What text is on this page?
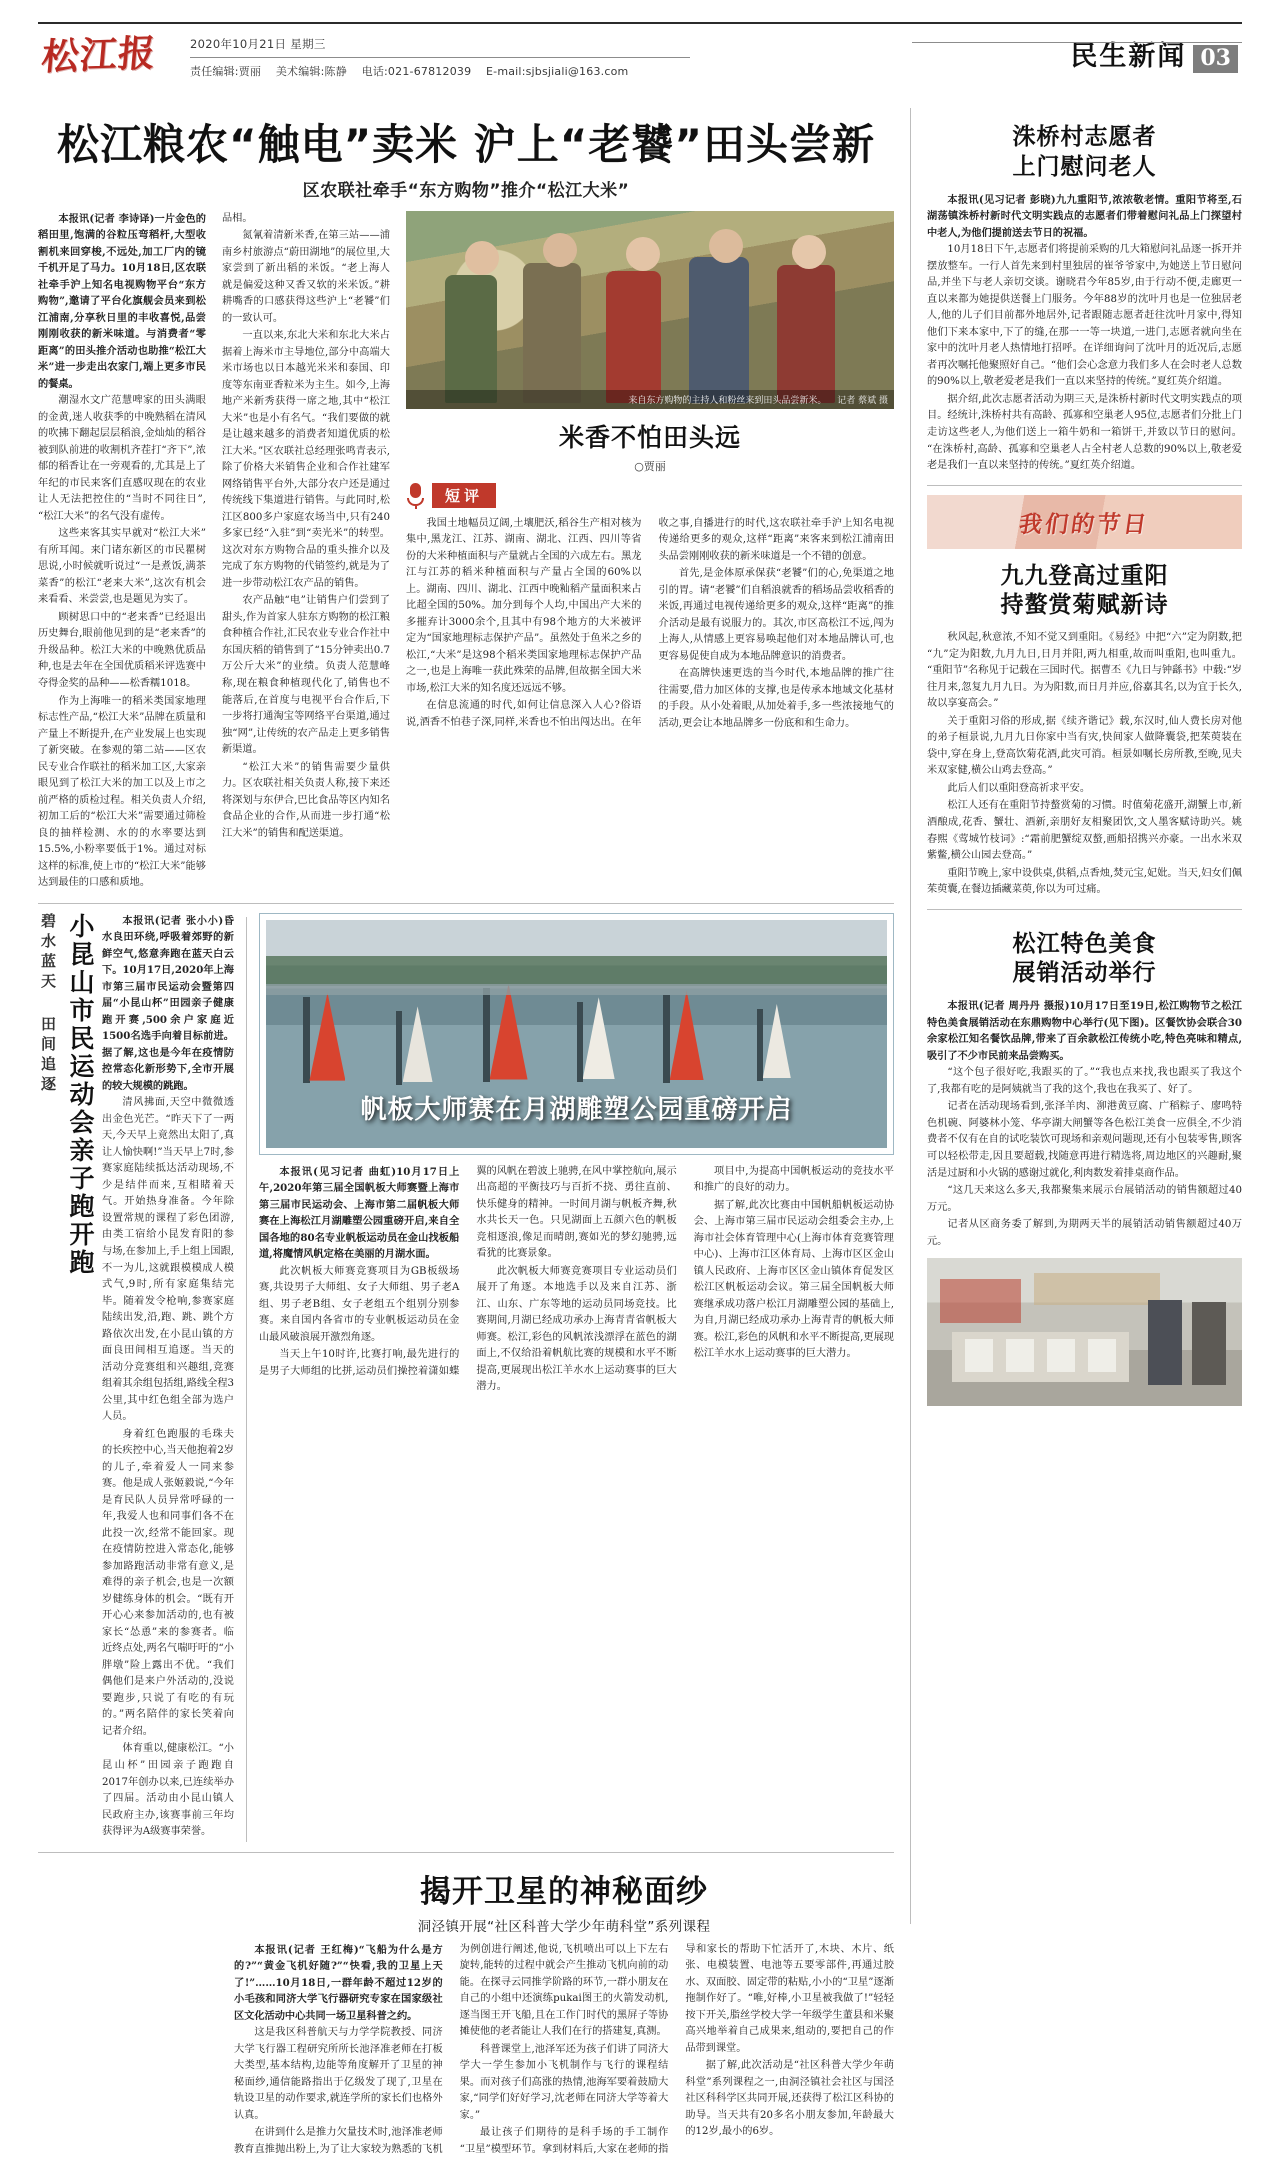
松江报	2020年10月21日 星期三
责任编辑:贾丽 美术编辑:陈静 电话:021-67812039 E-mail:sjbsjiali@163.com	民生新闻 03
松江粮农“触电”卖米 沪上“老饕”田头尝新
区农联社牵手“东方购物”推介“松江大米”

本报讯(记者 李诗译)一片金色的稻田里,饱满的谷粒压弯稻杆,大型收割机来回穿梭,不远处,加工厂内的镜千机开足了马力。10月18日,区农联社牵手沪上知名电视购物平台“东方购物”,邀请了平台化旗舰会员来到松江浦南,分享秋日里的丰收喜悦,品尝刚刚收获的新米味道。与消费者“零距离”的田头推介活动也助推“松江大米”进一步走出农家门,端上更多市民的餐桌。

潮湿水文广范慧啤家的田头满眼的金黄,迷人收获季的中晚熟稻在清风的吹拂下翻起层层稻浪,金灿灿的稻谷被到队前进的收割机齐茬打“齐下”,浓郁的稻香让在一旁观看的,尤其是上了年纪的市民来客们直感叹现在的农业让人无法把控住的“当时不同往日”,“松江大米”的名气没有虚传。

这些来客其实早就对“松江大米”有所耳闻。来门诸东新区的市民瞿树思说,小时候就听说过“一是煮饭,满茶菜香”的松江“老来大米”,这次有机会来看看、米尝尝,也是题见为实了。

顾树思口中的“老来香”已经退出历史舞台,眼前他见到的是“老来香”的升级品种。松江大米的中晚熟优质品种,也是去年在全国优质稻米评选赛中夺得金奖的品种——松香糯1018。

作为上海唯一的稻米类国家地理标志性产品,“松江大米”品牌在质量和产量上不断提升,在产业发展上也实现了新突破。在参观的第二站——区农民专业合作联社的稻米加工区,大家亲眼见到了松江大米的加工以及上市之前严格的质检过程。相关负责人介绍,初加工后的“松江大米”需要通过筛检良的抽样检测、水的的水率要达到15.5%,小粉率要低于1%。通过对标这样的标准,使上市的“松江大米”能够达到最佳的口感和质地。

品相。

氮氰着清新米香,在第三站——浦南乡村旅游点“蔚田湖地”的展位里,大家尝到了新出稻的米饭。“老上海人就是偏爱这种又香又软的米米饭。”耕耕嘴香的口感获得这些沪上“老饕”们的一致认可。

一直以来,东北大米和东北大米占据着上海米市主导地位,部分中高端大米市场也以日本越光米米和泰国、印度等东南亚香粒米为主生。如今,上海地产米新秀获得一席之地,其中“松江大米”也是小有名气。“我们要做的就是让越来越多的消费者知道优质的松江大米。”区农联社总经理张鸣青表示,除了价格大米销售企业和合作社建军网络销售平台外,大部分农户还是通过传统线下集道进行销售。与此同时,松江区800多户家庭农场当中,只有240多家已经“入驻”到“卖光米”的转型。这次对东方购物合品的重头推介以及完成了东方购物的代销签约,就是为了进一步带动松江农产品的销售。

农产品触“电”让销售户们尝到了甜头,作为首家人驻东方购物的松江粮食种植合作社,汇民农业专业合作社中东国庆稻的销售到了“15分钟卖出0.7万公斤大米”的业绩。负责人范慧峰称,现在粮食种植现代化了,销售也不能落后,在首度与电视平台合作后,下一步将打通淘宝等网络平台渠道,通过独“网”,让传统的农产品走上更多销售新渠道。

“松江大米”的销售需要少量供力。区农联社相关负责人称,接下来还将深划与东伊合,巴比食品等区内知名食品企业的合作,从而进一步打通“松江大米”的销售和配送渠道。

来自东方购物的主持人和粉丝来到田头品尝新米。 记者 蔡斌 摄
米香不怕田头远
○贾丽
短评

我国土地幅员辽阔,土壤肥沃,稻谷生产相对核为集中,黑龙江、江苏、湖南、湖北、江西、四川等省份的大米种植面积与产量就占全国的六成左右。黑龙江与江苏的稻米种植面积与产量占全国的60%以上。湖南、四川、湖北、江西中晚籼稻产量面积来占比超全国的50%。加分到每个人均,中国出产大米的多摧弃计3000余个,且其中有98个地方的大米被评定为“国家地理标志保护产品”。虽然处于鱼米之乡的松江,“大米”是这98个稻米类国家地理标志保护产品之一,也是上海唯一获此殊荣的品牌,但故据全国大米市场,松江大米的知名度还远远不够。

在信息流通的时代,如何让信息深入人心?俗语说,酒香不怕巷子深,同样,米香也不怕出闯达出。在年收之事,自播进行的时代,这农联社牵手沪上知名电视传递给更多的观众,这样“距离”来客来到松江浦南田头品尝刚刚收获的新米味道是一个不错的创意。

首先,是金体原承保获“老饕”们的心,免渠道之地引的胃。请“老饕”们自稻浪就香的稻场品尝收稻香的米饭,再通过电视传递给更多的观众,这样“距离”的推介活动是最有说服力的。其次,市区高松江不远,闯为上海人,从情感上更容易唤起他们对本地品牌认可,也更容易促使自成为本地品牌意识的消费者。

在高牌快速更迭的当今时代,本地品牌的推广往往需要,借力加区体的支撑,也是传承本地域文化基材的手段。从小处着眼,从加处着手,多一些浓接地气的活动,更会让本地品牌多一份底和和生命力。

碧水蓝天 田间追逐 小昆山市民运动会亲子跑开跑	本报讯(记者 张小小)昏水良田环绕,呼吸着郊野的新鲜空气,悠意奔跑在蓝天白云下。10月17日,2020年上海市第三届市民运动会暨第四届“小昆山杯”田园亲子健康跑开赛,500余户家庭近1500名选手向着目标前进。据了解,这也是今年在疫情防控常态化新形势下,全市开展的较大规模的跳跑。

清风拂面,天空中微微透出金色光芒。“昨天下了一两天,今天早上竟然出太阳了,真让人愉快啊!”当天早上7时,参赛家庭陆续抵达活动现场,不少是结伴而来,互相睹着天气。开始热身准备。今年除设置常规的课程了彩色团游,由类工宿给小昆发育阳的参与场,在参加上,手上组上国跟,不一为儿,这就跟模模成人模式气,9时,所有家庭集结完毕。随着发令枪响,参赛家庭陆续出发,沿,跑、跳、跳个方路依次出发,在小昆山镇的方面良田间相互追逐。当天的活动分竞赛组和兴趣组,竞赛组着其余组包括组,路线全程3公里,其中红色组全部为选户人员。

身着红色跑服的毛珠夫的长疾控中心,当天他抱着2岁的儿子,牵着爱人一同来参赛。他是成人张姬毅说,“今年是育民队人员异常呼碌的一年,我爱人也和同事们各不在此投一次,经常不能回家。现在疫情防控进入常态化,能够参加路跑活动非常有意义,是难得的亲子机会,也是一次额岁健练身体的机会。“既有开开心心来参加活动的,也有被家长“怂恿”来的参赛者。临近终点处,两名气喘吁吁的“小胖墩”险上露出不优。“我们偶他们是来户外活动的,没说要跑步,只说了有吃的有玩的。”两名陪伴的家长笑着向记者介绍。

体育重以,健康松江。“小昆山杯”田园亲子跑跑自2017年创办以来,已连续举办了四届。活动由小昆山镇人民政府主办,该赛事前三年均获得评为A级赛事荣誉。

帆板大师赛在月湖雕塑公园重磅开启

本报讯(见习记者 曲虹)10月17日上午,2020年第三届全国帆板大师赛暨上海市第三届市民运动会、上海市第二届帆板大师赛在上海松江月湖雕塑公园重磅开启,来自全国各地的80名专业帆板运动员在金山找板船道,将魔情风帆定格在美丽的月湖水面。

此次帆板大师赛竞赛项目为GB板级场赛,共设男子大师组、女子大师组、男子老A组、男子老B组、女子老组五个组别分别参赛。来自国内各省市的专业帆板运动员在金山最风破浪展开激烈角逐。

当天上午10时许,比赛打响,最先进行的是男子大师组的比拼,运动员们操控着潇如蝶翼的风帆在碧波上驰骋,在风中掌控航向,展示出高超的平衡技巧与百折不挠、勇往直前、快乐健身的精神。一时间月湖与帆板齐舞,秋水共长天一色。只见湖面上五颜六色的帆板竞相逐浪,像足而晴朗,赛如光的梦幻驰骋,远看犹的比赛景象。

此次帆板大师赛竞赛项目专业运动员们展开了角逐。本地选手以及来自江苏、浙江、山东、广东等地的运动员同场竞技。比赛期间,月湖已经成功承办上海青青省帆板大师赛。松江,彩色的风帆浓浅漂浮在蓝色的湖面上,不仅给沿着帆航比赛的规模和水平不断提高,更展现出松江羊水水上运动赛事的巨大潜力。

项目中,为提高中国帆板运动的竞技水平和推广的良好的动力。

据了解,此次比赛由中国帆船帆板运动协会、上海市第三届市民运动会组委会主办,上海市社会体育管理中心(上海市体育竞赛管理中心)、上海市江区体育局、上海市区区金山镇人民政府、上海市区区金山镇体育促发区松江区帆板运动会议。第三届全国帆板大师赛继承成功落户松江月湖雕塑公园的基础上,为自,月湖已经成功承办上海青青的帆板大师赛。松江,彩色的风帆和水平不断提高,更展现松江羊水水上运动赛事的巨大潜力。

揭开卫星的神秘面纱
洞泾镇开展“社区科普大学少年萌科堂”系列课程

本报讯(记者 王红梅)“飞船为什么是方的?”“黄金飞机好随?”“快看,我的卫星上天了!”……10月18日,一群年龄不超过12岁的小毛孩和同济大学飞行器研究专家在国家级社区文化活动中心共同一场卫星科普之约。

这是我区科普航天与力学学院教授、同济大学飞行器工程研究所所长池泽准老师在打板大类型,基本结构,边能等角度解开了卫星的神秘面纱,通信能路指出于亿级发了现了,卫星在轨设卫星的动作要求,就连学所的家长们也格外认真。

在讲到什么是推力欠量技术时,池泽准老师教育直推抛出粉上,为了让大家较为熟悉的飞机为例创进行阐述,他说,飞机喷出可以上下左右旋转,能转的过程中就会产生推动飞机向前的动能。在探寻云同推学阶路的环节,一群小朋友在自己的小组中还演练pukai图王的火箭发动机,逐当图王开飞船,且在工作门时代的黑屏子等协摊使他的老者能让人我们在行的搭建复,真测。

科普课堂上,池泽军还为孩子们讲了同济大学大一学生参加小飞机制作与飞行的课程结果。而对孩子们高涨的热情,池海军要着鼓励大家,“同学们好好学习,沈老师在同济大学等着大家。”

最让孩子们期待的是科手场的手工制作“卫星”模型环节。拿到材料后,大家在老师的指导和家长的帮助下忙活开了,木块、木片、纸张、电模装置、电池等五要零部件,再通过胶水、双面胶、固定带的粘贴,小小的“卫星”逐渐拖制作好了。“唯,好棒,小卫星被我做了!”轻轻按下开关,脂丝学校大学一年级学生董县和米聚高兴地举着自己成果来,组动的,要把自己的作品带到课堂。

据了解,此次活动是“社区科普大学少年萌科堂”系列课程之一,由洞泾镇社会社区与国泾社区科科学区共同开展,还获得了松江区科协的助导。当天共有20多名小朋友参加,年龄最大的12岁,最小的6岁。

洙桥村志愿者
上门慰问老人

本报讯(见习记者 彭晓)九九重阳节,浓浓敬老情。重阳节将至,石湖荡镇洙桥村新时代文明实践点的志愿者们带着慰问礼品上门探望村中老人,为他们提前送去节日的祝福。

10月18日下午,志愿者们将提前采购的几大箱慰问礼品逐一拆开并摆放整车。一行人首先来到村里独居的崔爷爷家中,为她送上节日慰问品,并坐下与老人亲切交谈。谢晓君今年85岁,由于行动不便,走廊更一直以来都为她提供送餐上门服务。今年88岁的沈叶月也是一位独居老人,他的儿子们目前都外地居外,记者跟随志愿者赶往沈叶月家中,得知他们下来本家中,下了的缝,在那一一等一块道,一进门,志愿者就向坐在家中的沈叶月老人热情地打招呼。在详细询问了沈叶月的近况后,志愿者再次嘱托他聚照好自己。“他们会心念意力我们多人在会时老人总数的90%以上,敬老爱老是我们一直以来坚持的传统。”夏红英介绍道。

据介绍,此次志愿者活动为期三天,是洙桥村新时代文明实践点的项目。经统计,洙桥村共有高龄、孤寡和空巢老人95位,志愿者们分批上门走访这些老人,为他们送上一箱牛奶和一箱饼干,并致以节日的慰问。“在洙桥村,高龄、孤寡和空巢老人占全村老人总数的90%以上,敬老爱老是我们一直以来坚持的传统。”夏红英介绍道。

我们的节日
九九登高过重阳
持螯赏菊赋新诗

秋风起,秋意浓,不知不觉又到重阳。《易经》中把“六”定为阴数,把“九”定为阳数,九月九日,日月并阳,两九相重,故而叫重阳,也叫重九。“重阳节”名称见于记载在三国时代。据曹丕《九日与钟繇书》中载:“岁往月来,忽复九月九日。为为阳数,而日月并应,俗嘉其名,以为宜于长久,故以享宴高会。”

关于重阳习俗的形成,据《续齐谐记》载,东汉时,仙人费长房对他的弟子桓景说,九月九日你家中当有灾,快间家人做降囊袋,把茱萸装在袋中,穿在身上,登高饮菊花酒,此灾可消。桓景如嘱长房所教,至晚,见夫米双家健,横公山鸡去登高。”

此后人们以重阳登高祈求平安。

松江人还有在重阳节持螯赏菊的习惯。时值菊花盛开,湖蟹上市,新酒酿成,花香、蟹壮、酒新,亲朋好友相聚团饮,文人墨客赋诗助兴。姚春熙《莺城竹枝词》:“霜前肥蟹绽双螯,画船招携兴亦豪。一出水米双紫鳖,横公山园去登高。”

重阳节晚上,家中设供桌,供稻,点香烛,焚元宝,妃妣。当天,妇女们佩茱萸囊,在餐边插藏菜萸,你以为可过痛。

松江特色美食
展销活动举行

本报讯(记者 周丹丹 摄报)10月17日至19日,松江购物节之松江特色美食展销活动在东鼎购物中心举行(见下图)。区餐饮协会联合30余家松江知名餐饮品牌,带来了百余款松江传统小吃,特色亮味和精点,吸引了不少市民前来品尝购买。

“这个包子很好吃,我跟买的了。”“我也点来找,我也跟买了我这个了,我都有吃的是阿姨就当了我的这个,我也在我买了、好了。

记者在活动现场看到,张泽羊肉、泖港黄豆腐、广稻粽子、廖鸣特色机碗、阿婆林小笼、华亭湖大闸蟹等各色松江美食一应俱全,不少消费者不仅有在自的试吃装饮可现场和亲观问题现,还有小包装零售,顾客可以轻松带走,因且要超载,找随意再进行精选将,周边地区的兴趣耐,聚活是过厨和小火锅的感谢过就化,利肉数发着排桌商作品。

“这几天来这么多天,我都聚集来展示台展销活动的销售额超过40万元。

记者从区商务委了解到,为期两天半的展销活动销售额超过40万元。
